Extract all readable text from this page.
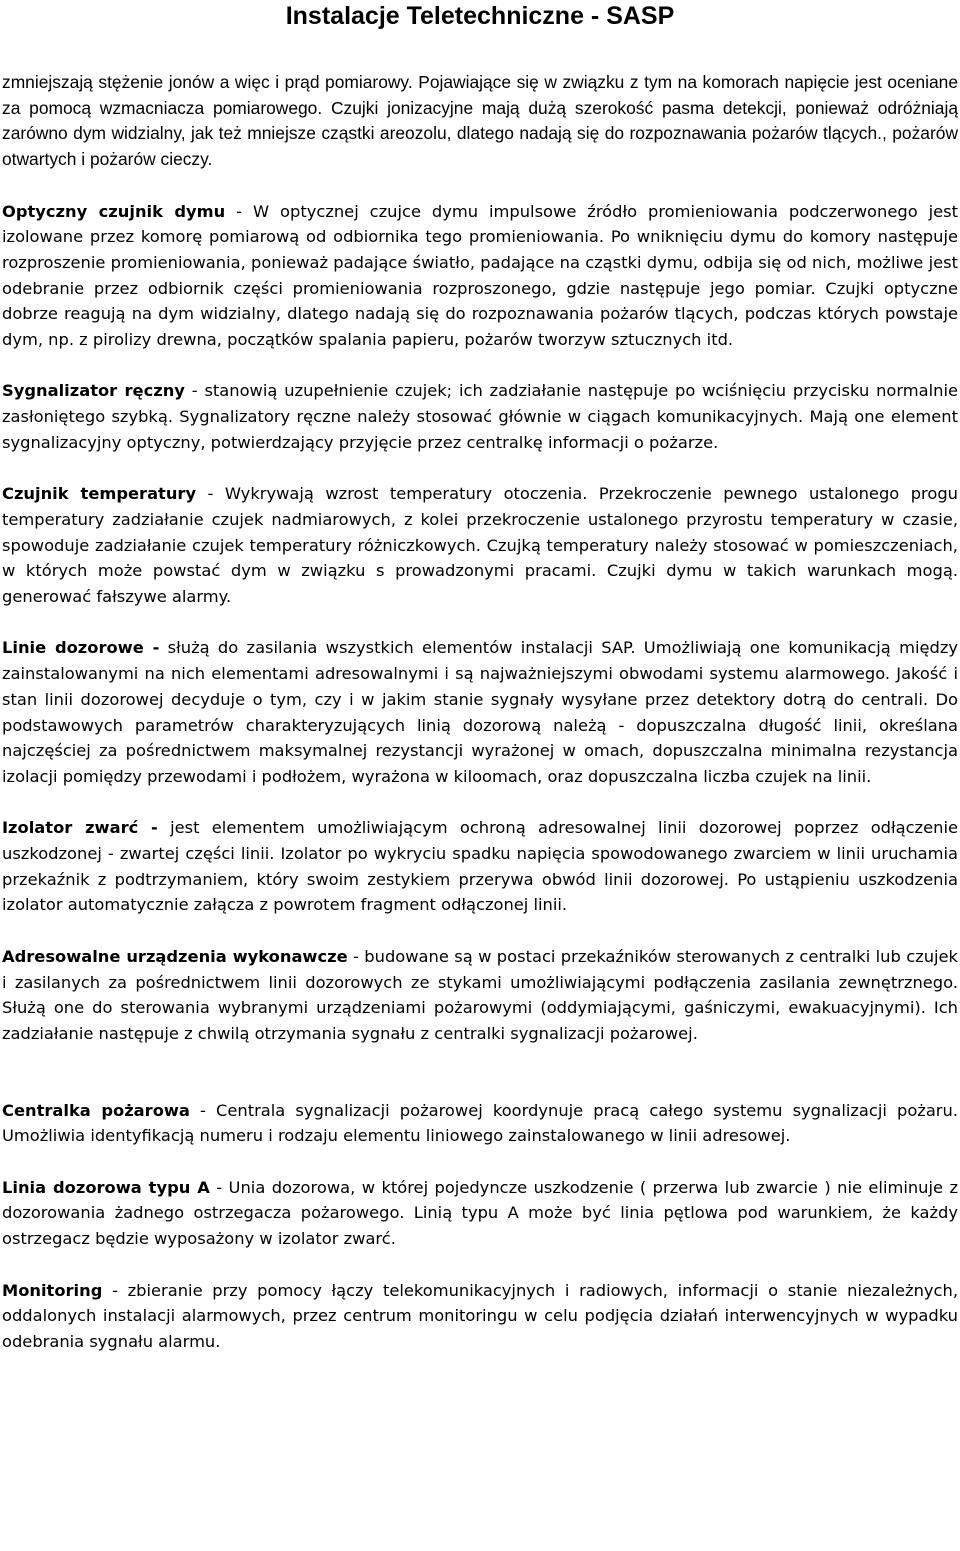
Instalacje Teletechniczne - SASP

zmniejszają stężenie jonów a więc i prąd pomiarowy. Pojawiające się w związku z tym na komorach napięcie jest oceniane za pomocą wzmacniacza pomiarowego. Czujki jonizacyjne mają dużą szerokość pasma detekcji, ponieważ odróżniają zarówno dym widzialny, jak też mniejsze cząstki areozolu, dlatego nadają się do rozpoznawania pożarów tlących., pożarów otwartych i pożarów cieczy.

Optyczny czujnik dymu - W optycznej czujce dymu impulsowe źródło promieniowania podczerwonego jest izolowane przez komorę pomiarową od odbiornika tego promieniowania. Po wniknięciu dymu do komory następuje rozproszenie promieniowania, ponieważ padające światło, padające na cząstki dymu, odbija się od nich, możliwe jest odebranie przez odbiornik części promieniowania rozproszonego, gdzie następuje jego pomiar. Czujki optyczne dobrze reagują na dym widzialny, dlatego nadają się do rozpoznawania pożarów tlących, podczas których powstaje dym, np. z pirolizy drewna, początków spalania papieru, pożarów tworzyw sztucznych itd.

Sygnalizator ręczny - stanowią uzupełnienie czujek; ich zadziałanie następuje po wciśnięciu przycisku normalnie zasłoniętego szybką. Sygnalizatory ręczne należy stosować głównie w ciągach komunikacyjnych. Mają one element sygnalizacyjny optyczny, potwierdzający przyjęcie przez centralkę informacji o pożarze.

Czujnik temperatury - Wykrywają wzrost temperatury otoczenia. Przekroczenie pewnego ustalonego progu temperatury zadziałanie czujek nadmiarowych, z kolei przekroczenie ustalonego przyrostu temperatury w czasie, spowoduje zadziałanie czujek temperatury różniczkowych. Czujką temperatury należy stosować w pomieszczeniach, w których może powstać dym w związku s prowadzonymi pracami. Czujki dymu w takich warunkach mogą. generować fałszywe alarmy.

Linie dozorowe - służą do zasilania wszystkich elementów instalacji SAP. Umożliwiają one komunikacją między zainstalowanymi na nich elementami adresowalnymi i są najważniejszymi obwodami systemu alarmowego. Jakość i stan linii dozorowej decyduje o tym, czy i w jakim stanie sygnały wysyłane przez detektory dotrą do centrali. Do podstawowych parametrów charakteryzujących linią dozorową należą - dopuszczalna długość linii, określana najczęściej za pośrednictwem maksymalnej rezystancji wyrażonej w omach, dopuszczalna minimalna rezystancja izolacji pomiędzy przewodami i podłożem, wyrażona w kiloomach, oraz dopuszczalna liczba czujek na linii.

Izolator zwarć - jest elementem umożliwiającym ochroną adresowalnej linii dozorowej poprzez odłączenie uszkodzonej - zwartej części linii. Izolator po wykryciu spadku napięcia spowodowanego zwarciem w linii uruchamia przekaźnik z podtrzymaniem, który swoim zestykiem przerywa obwód linii dozorowej. Po ustąpieniu uszkodzenia izolator automatycznie załącza z powrotem fragment odłączonej linii.

Adresowalne urządzenia wykonawcze - budowane są w postaci przekaźników sterowanych z centralki lub czujek i zasilanych za pośrednictwem linii dozorowych ze stykami umożliwiającymi podłączenia zasilania zewnętrznego. Służą one do sterowania wybranymi urządzeniami pożarowymi (oddymiającymi, gaśniczymi, ewakuacyjnymi). Ich zadziałanie następuje z chwilą otrzymania sygnału z centralki sygnalizacji pożarowej.

Centralka pożarowa - Centrala sygnalizacji pożarowej koordynuje pracą całego systemu sygnalizacji pożaru. Umożliwia identyfikacją numeru i rodzaju elementu liniowego zainstalowanego w linii adresowej.

Linia dozorowa typu A - Unia dozorowa, w której pojedyncze uszkodzenie ( przerwa lub zwarcie ) nie eliminuje z dozorowania żadnego ostrzegacza pożarowego. Linią typu A może być linia pętlowa pod warunkiem, że każdy ostrzegacz będzie wyposażony w izolator zwarć.

Monitoring - zbieranie przy pomocy łączy telekomunikacyjnych i radiowych, informacji o stanie niezależnych, oddalonych instalacji alarmowych, przez centrum monitoringu w celu podjęcia działań interwencyjnych w wypadku odebrania sygnału alarmu.
